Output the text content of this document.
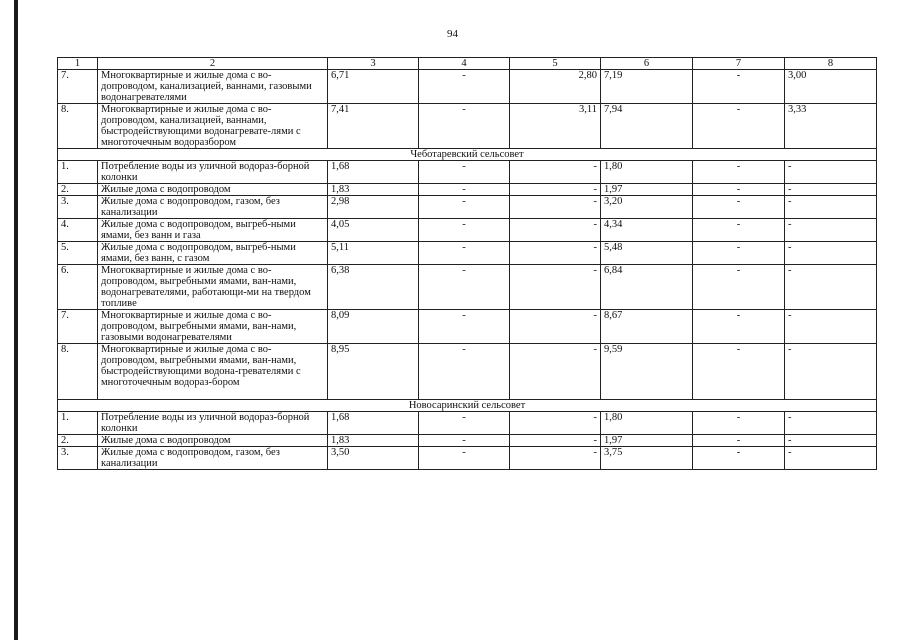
94
1	2	3	4	5	6	7	8
7.	Многоквартирные и жилые дома с во-допроводом, канализацией, ваннами, газовыми водонагревателями	6,71	-	2,80	7,19	-	3,00
8.	Многоквартирные и жилые дома с во-допроводом, канализацией, ваннами, быстродействующими водонагревате-лями с многоточечным водоразбором	7,41	-	3,11	7,94	-	3,33
Чеботаревский сельсовет							
1.	Потребление воды из уличной водораз-борной колонки	1,68	-	-	1,80	-	-
2.	Жилые дома с водопроводом	1,83	-	-	1,97	-	-
3.	Жилые дома с водопроводом, газом, без канализации	2,98	-	-	3,20	-	-
4.	Жилые дома с водопроводом, выгреб-ными ямами, без ванн и газа	4,05	-	-	4,34	-	-
5.	Жилые дома с водопроводом, выгреб-ными ямами, без ванн, с газом	5,11	-	-	5,48	-	-
6.	Многоквартирные и жилые дома с во-допроводом, выгребными ямами, ван-нами, водонагревателями, работающи-ми на твердом топливе	6,38	-	-	6,84	-	-
7.	Многоквартирные и жилые дома с во-допроводом, выгребными ямами, ван-нами, газовыми водонагревателями	8,09	-	-	8,67	-	-
8.	Многоквартирные и жилые дома с во-допроводом, выгребными ямами, ван-нами, быстродействующими водона-гревателями с многоточечным водораз-бором	8,95	-	-	9,59	-	-
Новосаринский сельсовет							
1.	Потребление воды из уличной водораз-борной колонки	1,68	-	-	1,80	-	-
2.	Жилые дома с водопроводом	1,83	-	-	1,97	-	-
3.	Жилые дома с водопроводом, газом, без канализации	3,50	-	-	3,75	-	-
